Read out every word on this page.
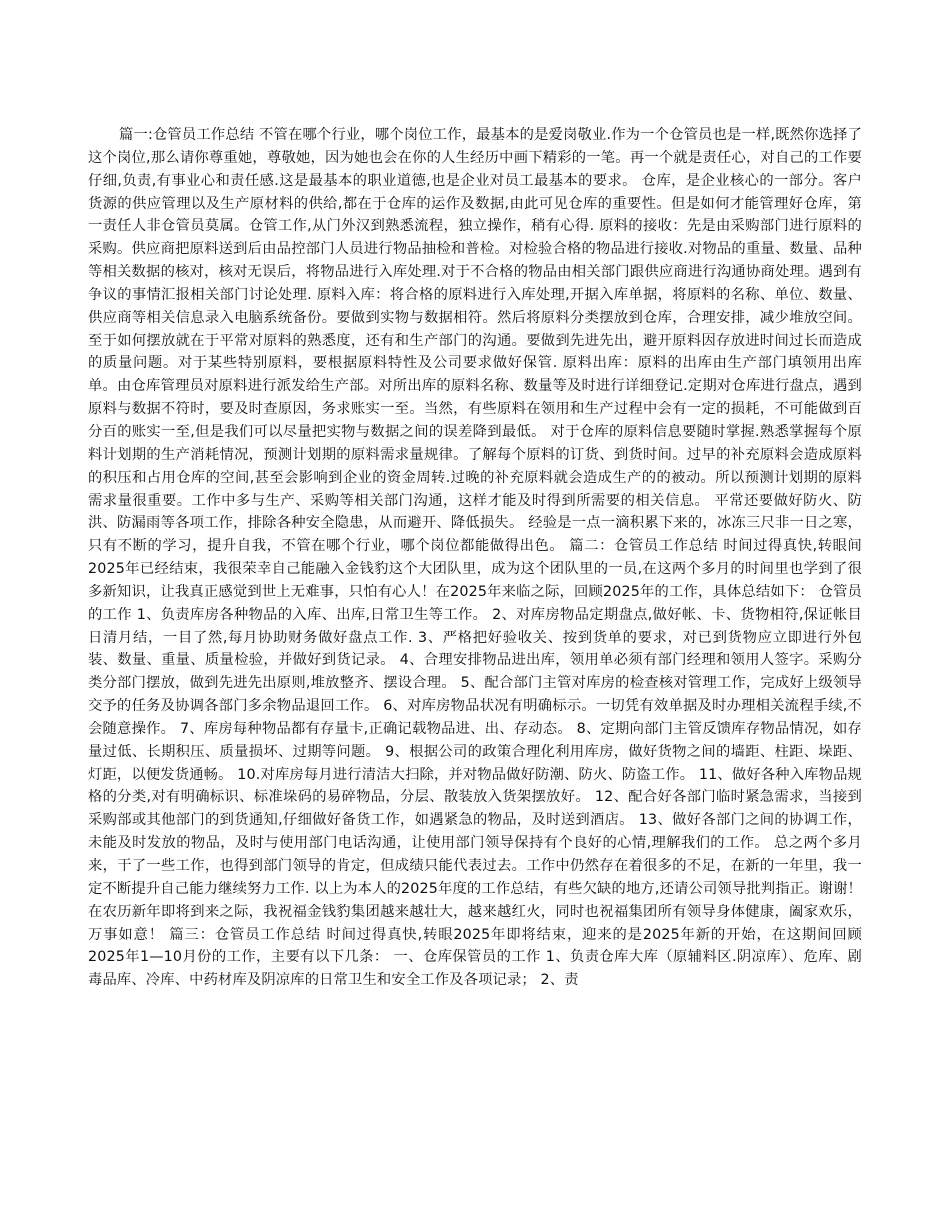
篇一:仓管员工作总结 不管在哪个行业，哪个岗位工作，最基本的是爱岗敬业.作为一个仓管员也是一样,既然你选择了这个岗位,那么请你尊重她，尊敬她，因为她也会在你的人生经历中画下精彩的一笔。再一个就是责任心，对自己的工作要仔细,负责,有事业心和责任感.这是最基本的职业道德,也是企业对员工最基本的要求。 仓库，是企业核心的一部分。客户货源的供应管理以及生产原材料的供给,都在于仓库的运作及数据,由此可见仓库的重要性。但是如何才能管理好仓库，第一责任人非仓管员莫属。仓管工作,从门外汉到熟悉流程，独立操作，稍有心得. 原料的接收：先是由采购部门进行原料的采购。供应商把原料送到后由品控部门人员进行物品抽检和普检。对检验合格的物品进行接收.对物品的重量、数量、品种等相关数据的核对，核对无误后，将物品进行入库处理.对于不合格的物品由相关部门跟供应商进行沟通协商处理。遇到有争议的事情汇报相关部门讨论处理. 原料入库：将合格的原料进行入库处理,开据入库单据，将原料的名称、单位、数量、供应商等相关信息录入电脑系统备份。要做到实物与数据相符。然后将原料分类摆放到仓库，合理安排，减少堆放空间。至于如何摆放就在于平常对原料的熟悉度，还有和生产部门的沟通。要做到先进先出，避开原料因存放进时间过长而造成的质量问题。对于某些特别原料，要根据原料特性及公司要求做好保管. 原料出库：原料的出库由生产部门填领用出库单。由仓库管理员对原料进行派发给生产部。对所出库的原料名称、数量等及时进行详细登记.定期对仓库进行盘点，遇到原料与数据不符时，要及时查原因，务求账实一至。当然，有些原料在领用和生产过程中会有一定的损耗，不可能做到百分百的账实一至,但是我们可以尽量把实物与数据之间的误差降到最低。 对于仓库的原料信息要随时掌握.熟悉掌握每个原料计划期的生产消耗情况，预测计划期的原料需求量规律。了解每个原料的订货、到货时间。过早的补充原料会造成原料的积压和占用仓库的空间,甚至会影响到企业的资金周转.过晚的补充原料就会造成生产的的被动。所以预测计划期的原料需求量很重要。工作中多与生产、采购等相关部门沟通，这样才能及时得到所需要的相关信息。 平常还要做好防火、防洪、防漏雨等各项工作，排除各种安全隐患，从而避开、降低损失。 经验是一点一滴积累下来的，冰冻三尺非一日之寒，只有不断的学习，提升自我，不管在哪个行业，哪个岗位都能做得出色。 篇二：仓管员工作总结 时间过得真快,转眼间2025年已经结束，我很荣幸自己能融入金钱豹这个大团队里，成为这个团队里的一员,在这两个多月的时间里也学到了很多新知识，让我真正感觉到世上无难事，只怕有心人！在2025年来临之际，回顾2025年的工作，具体总结如下： 仓管员的工作 1、负责库房各种物品的入库、出库,日常卫生等工作。 2、对库房物品定期盘点,做好帐、卡、货物相符,保证帐目日清月结，一目了然,每月协助财务做好盘点工作. 3、严格把好验收关、按到货单的要求，对已到货物应立即进行外包装、数量、重量、质量检验，并做好到货记录。 4、合理安排物品进出库，领用单必须有部门经理和领用人签字。采购分类分部门摆放，做到先进先出原则,堆放整齐、摆设合理。 5、配合部门主管对库房的检查核对管理工作，完成好上级领导交予的任务及协调各部门多余物品退回工作。 6、对库房物品状况有明确标示。一切凭有效单据及时办理相关流程手续,不会随意操作。 7、库房每种物品都有存量卡,正确记载物品进、出、存动态。 8、定期向部门主管反馈库存物品情况，如存量过低、长期积压、质量损坏、过期等问题。 9、根据公司的政策合理化利用库房，做好货物之间的墙距、柱距、垛距、灯距，以便发货通畅。 10.对库房每月进行清洁大扫除，并对物品做好防潮、防火、防盗工作。 11、做好各种入库物品规格的分类,对有明确标识、标准垛码的易碎物品，分层、散装放入货架摆放好。 12、配合好各部门临时紧急需求，当接到采购部或其他部门的到货通知,仔细做好备货工作，如遇紧急的物品，及时送到酒店。 13、做好各部门之间的协调工作，未能及时发放的物品，及时与使用部门电话沟通，让使用部门领导保持有个良好的心情,理解我们的工作。 总之两个多月来，干了一些工作，也得到部门领导的肯定，但成绩只能代表过去。工作中仍然存在着很多的不足，在新的一年里，我一定不断提升自己能力继续努力工作. 以上为本人的2025年度的工作总结，有些欠缺的地方,还请公司领导批判指正。谢谢！ 在农历新年即将到来之际，我祝福金钱豹集团越来越壮大，越来越红火，同时也祝福集团所有领导身体健康，阖家欢乐，万事如意！ 篇三：仓管员工作总结 时间过得真快,转眼2025年即将结束，迎来的是2025年新的开始，在这期间回顾2025年1—10月份的工作，主要有以下几条： 一、仓库保管员的工作 1、负责仓库大库（原辅料区.阴凉库）、危库、剧毒品库、冷库、中药材库及阴凉库的日常卫生和安全工作及各项记录； 2、责
